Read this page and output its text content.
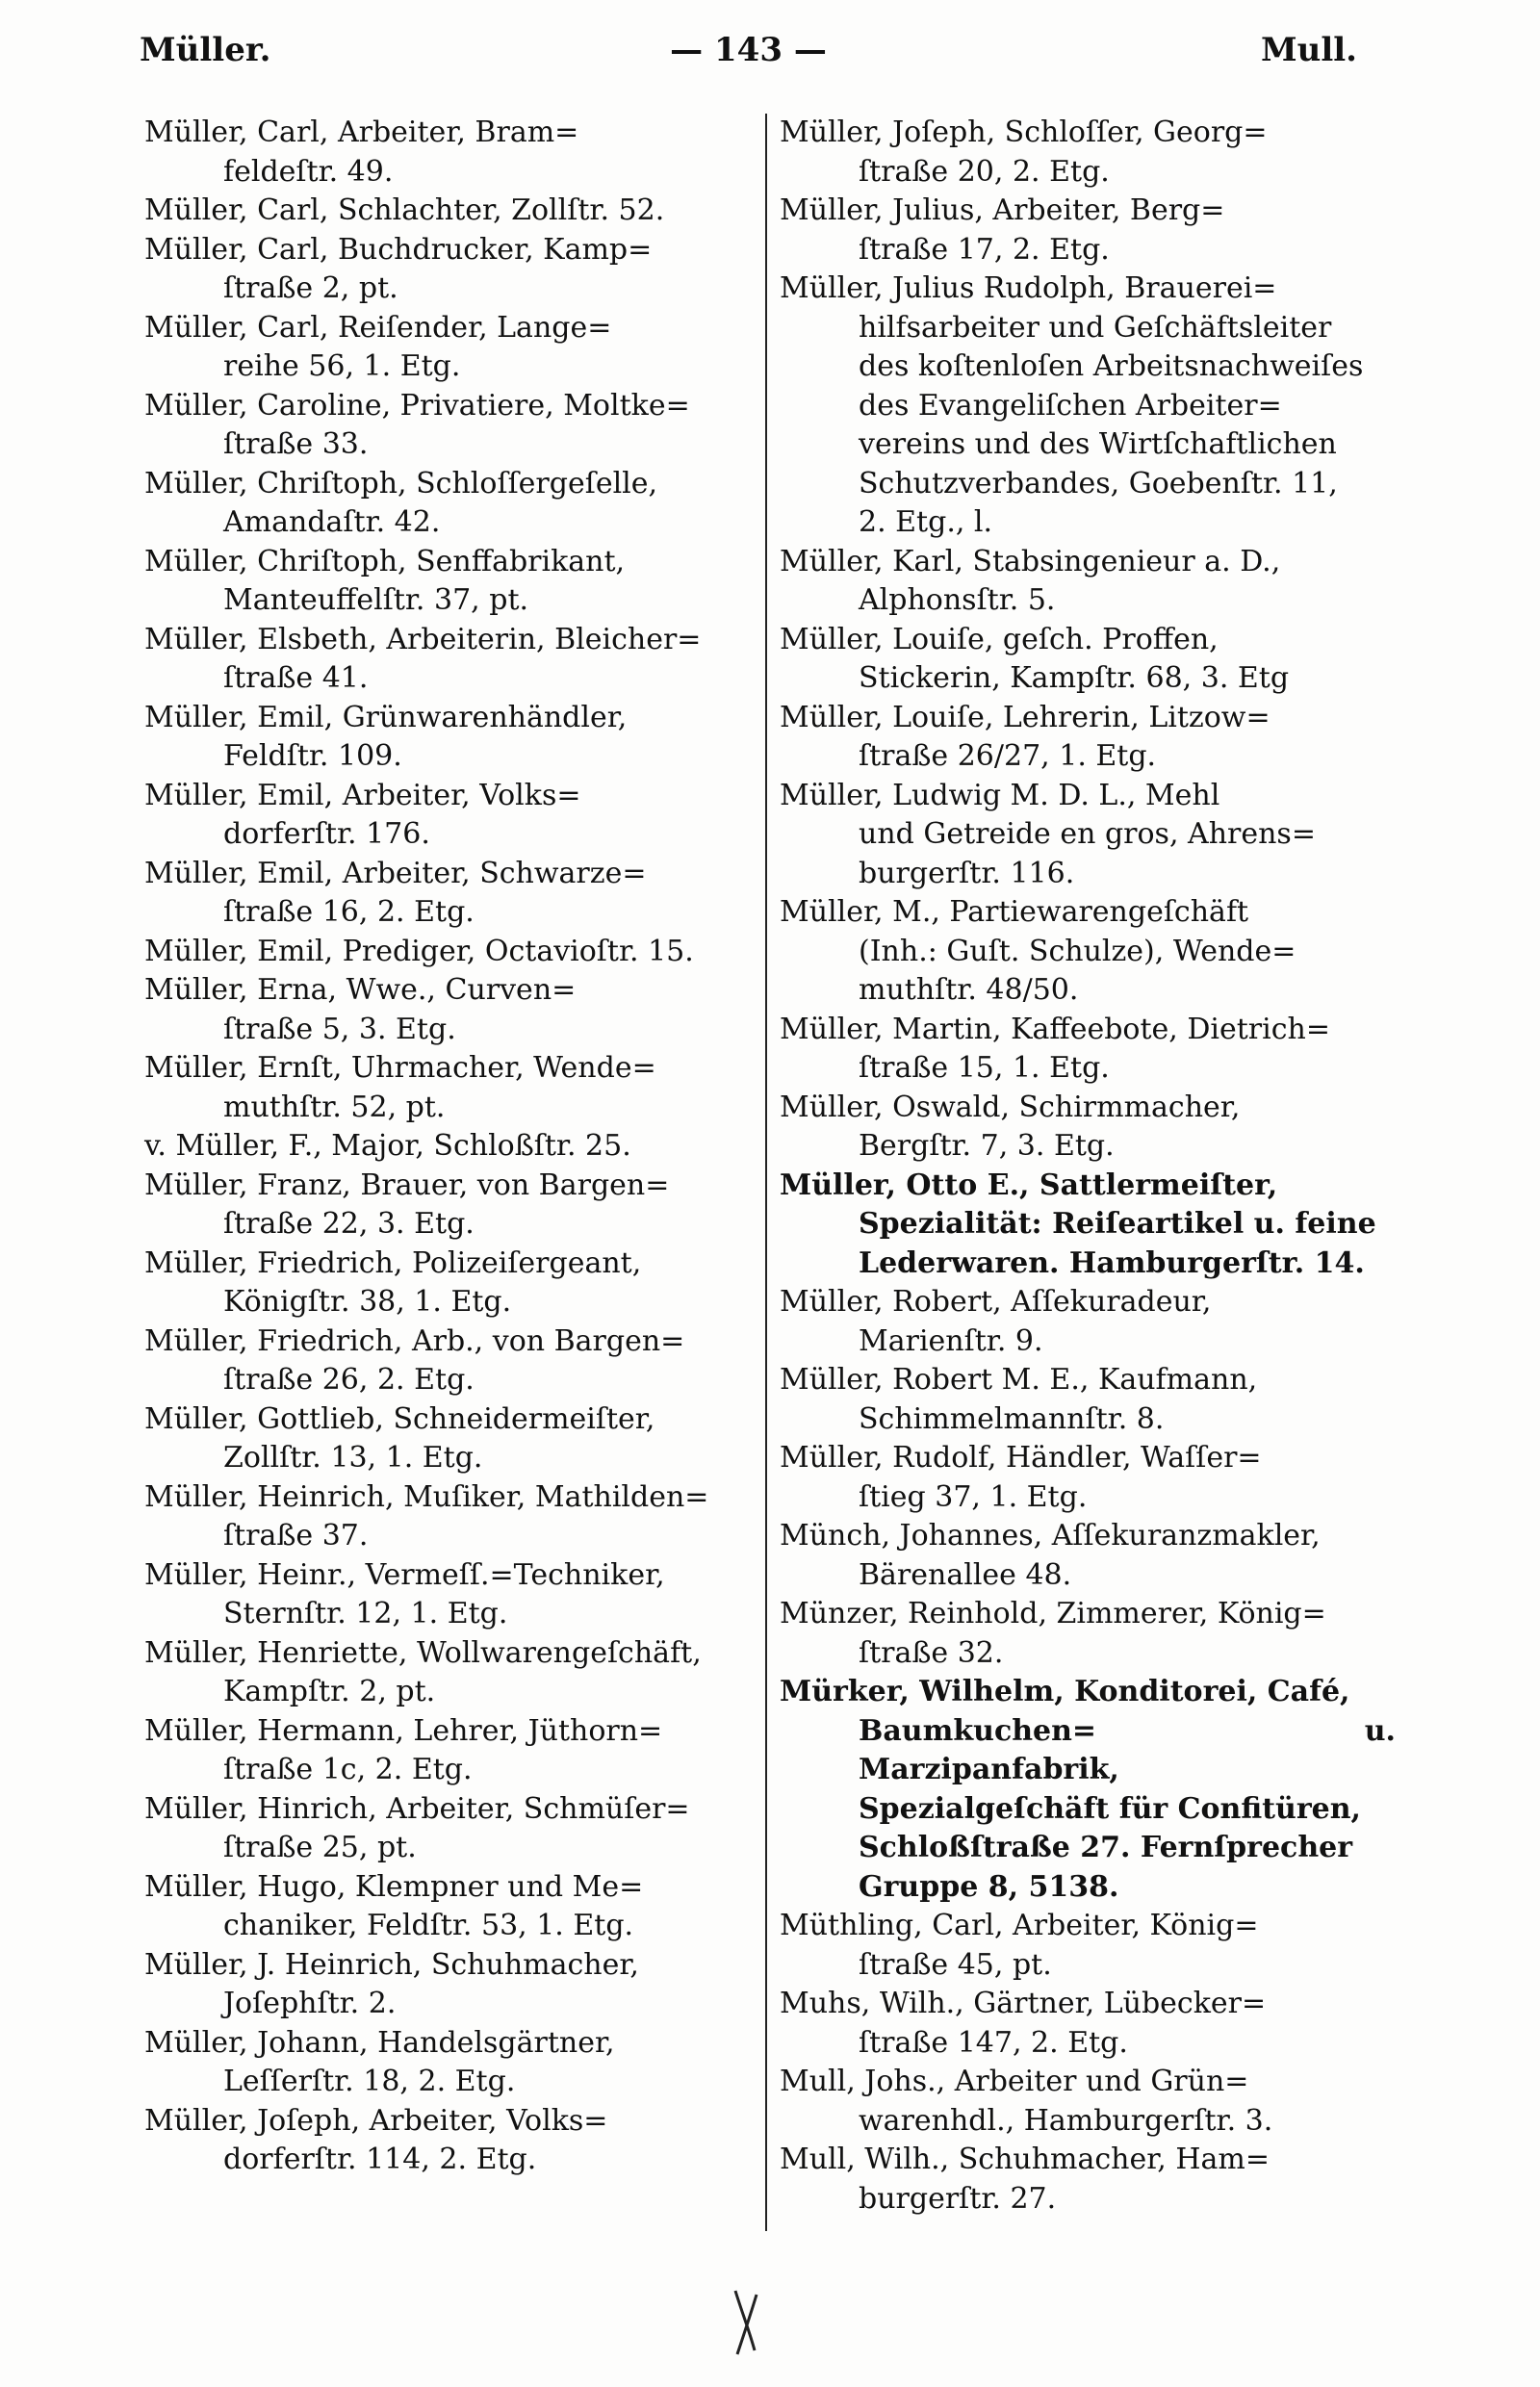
Müller.	— 143 —	Mull.

Müller, Carl, Arbeiter, Bram=

feldeſtr. 49.

Müller, Carl, Schlachter, Zollſtr. 52.

Müller, Carl, Buchdrucker, Kamp=

ſtraße 2, pt.

Müller, Carl, Reiſender, Lange=

reihe 56, 1. Etg.

Müller, Caroline, Privatiere, Moltke=

ſtraße 33.

Müller, Chriſtoph, Schloſſergeſelle,

Amandaſtr. 42.

Müller, Chriſtoph, Senffabrikant,

Manteuffelſtr. 37, pt.

Müller, Elsbeth, Arbeiterin, Bleicher=

ſtraße 41.

Müller, Emil, Grünwarenhändler,

Feldſtr. 109.

Müller, Emil, Arbeiter, Volks=

dorferſtr. 176.

Müller, Emil, Arbeiter, Schwarze=

ſtraße 16, 2. Etg.

Müller, Emil, Prediger, Octavioſtr. 15.

Müller, Erna, Wwe., Curven=

ſtraße 5, 3. Etg.

Müller, Ernſt, Uhrmacher, Wende=

muthſtr. 52, pt.

v. Müller, F., Major, Schloßſtr. 25.

Müller, Franz, Brauer, von Bargen=

ſtraße 22, 3. Etg.

Müller, Friedrich, Polizeiſergeant,

Königſtr. 38, 1. Etg.

Müller, Friedrich, Arb., von Bargen=

ſtraße 26, 2. Etg.

Müller, Gottlieb, Schneidermeiſter,

Zollſtr. 13, 1. Etg.

Müller, Heinrich, Muſiker, Mathilden=

ſtraße 37.

Müller, Heinr., Vermeſſ.=Techniker,

Sternſtr. 12, 1. Etg.

Müller, Henriette, Wollwarengeſchäft,

Kampſtr. 2, pt.

Müller, Hermann, Lehrer, Jüthorn=

ſtraße 1c, 2. Etg.

Müller, Hinrich, Arbeiter, Schmüſer=

ſtraße 25, pt.

Müller, Hugo, Klempner und Me=

chaniker, Feldſtr. 53, 1. Etg.

Müller, J. Heinrich, Schuhmacher,

Joſephſtr. 2.

Müller, Johann, Handelsgärtner,

Leſſerſtr. 18, 2. Etg.

Müller, Joſeph, Arbeiter, Volks=

dorferſtr. 114, 2. Etg.

Müller, Joſeph, Schloſſer, Georg=

ſtraße 20, 2. Etg.

Müller, Julius, Arbeiter, Berg=

ſtraße 17, 2. Etg.

Müller, Julius Rudolph, Brauerei=

hilfsarbeiter und Geſchäftsleiter

des koſtenloſen Arbeitsnachweiſes

des Evangeliſchen Arbeiter=

vereins und des Wirtſchaftlichen

Schutzverbandes, Goebenſtr. 11,

2. Etg., l.

Müller, Karl, Stabsingenieur a. D.,

Alphonsſtr. 5.

Müller, Louiſe, geſch. Proffen,

Stickerin, Kampſtr. 68, 3. Etg

Müller, Louiſe, Lehrerin, Litzow=

ſtraße 26/27, 1. Etg.

Müller, Ludwig M. D. L., Mehl

und Getreide en gros, Ahrens=

burgerſtr. 116.

Müller, M., Partiewarengeſchäft

(Inh.: Guſt. Schulze), Wende=

muthſtr. 48/50.

Müller, Martin, Kaffeebote, Dietrich=

ſtraße 15, 1. Etg.

Müller, Oswald, Schirmmacher,

Bergſtr. 7, 3. Etg.

Müller, Otto E., Sattlermeiſter,

Spezialität: Reiſeartikel u. feine

Lederwaren. Hamburgerſtr. 14.

Müller, Robert, Aſſekuradeur,

Marienſtr. 9.

Müller, Robert M. E., Kaufmann,

Schimmelmannſtr. 8.

Müller, Rudolf, Händler, Waſſer=

ſtieg 37, 1. Etg.

Münch, Johannes, Aſſekuranzmakler,

Bärenallee 48.

Münzer, Reinhold, Zimmerer, König=

ſtraße 32.

Mürker, Wilhelm, Konditorei, Café,

Baumkuchen= u. Marzipanfabrik,

Spezialgeſchäft für Confitüren,

Schloßſtraße 27. Fernſprecher

Gruppe 8, 5138.

Müthling, Carl, Arbeiter, König=

ſtraße 45, pt.

Muhs, Wilh., Gärtner, Lübecker=

ſtraße 147, 2. Etg.

Mull, Johs., Arbeiter und Grün=

warenhdl., Hamburgerſtr. 3.

Mull, Wilh., Schuhmacher, Ham=

burgerſtr. 27.
